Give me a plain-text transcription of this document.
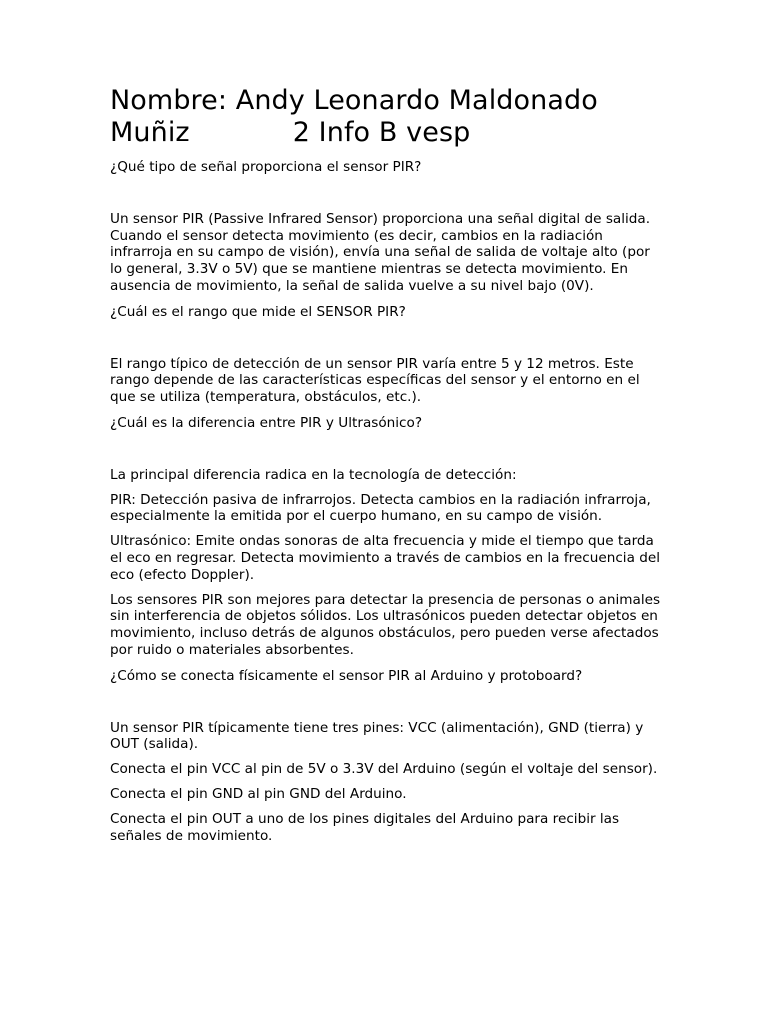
Nombre: Andy Leonardo Maldonado
Muñiz	2 Info B vesp

¿Qué tipo de señal proporciona el sensor PIR?

Un sensor PIR (Passive Infrared Sensor) proporciona una señal digital de salida. Cuando el sensor detecta movimiento (es decir, cambios en la radiación infrarroja en su campo de visión), envía una señal de salida de voltaje alto (por lo general, 3.3V o 5V) que se mantiene mientras se detecta movimiento. En ausencia de movimiento, la señal de salida vuelve a su nivel bajo (0V).

¿Cuál es el rango que mide el SENSOR PIR?

El rango típico de detección de un sensor PIR varía entre 5 y 12 metros. Este rango depende de las características específicas del sensor y el entorno en el que se utiliza (temperatura, obstáculos, etc.).

¿Cuál es la diferencia entre PIR y Ultrasónico?

La principal diferencia radica en la tecnología de detección:

PIR: Detección pasiva de infrarrojos. Detecta cambios en la radiación infrarroja, especialmente la emitida por el cuerpo humano, en su campo de visión.

Ultrasónico: Emite ondas sonoras de alta frecuencia y mide el tiempo que tarda el eco en regresar. Detecta movimiento a través de cambios en la frecuencia del eco (efecto Doppler).

Los sensores PIR son mejores para detectar la presencia de personas o animales sin interferencia de objetos sólidos. Los ultrasónicos pueden detectar objetos en movimiento, incluso detrás de algunos obstáculos, pero pueden verse afectados por ruido o materiales absorbentes.

¿Cómo se conecta físicamente el sensor PIR al Arduino y protoboard?

Un sensor PIR típicamente tiene tres pines: VCC (alimentación), GND (tierra) y OUT (salida).

Conecta el pin VCC al pin de 5V o 3.3V del Arduino (según el voltaje del sensor).

Conecta el pin GND al pin GND del Arduino.

Conecta el pin OUT a uno de los pines digitales del Arduino para recibir las señales de movimiento.
